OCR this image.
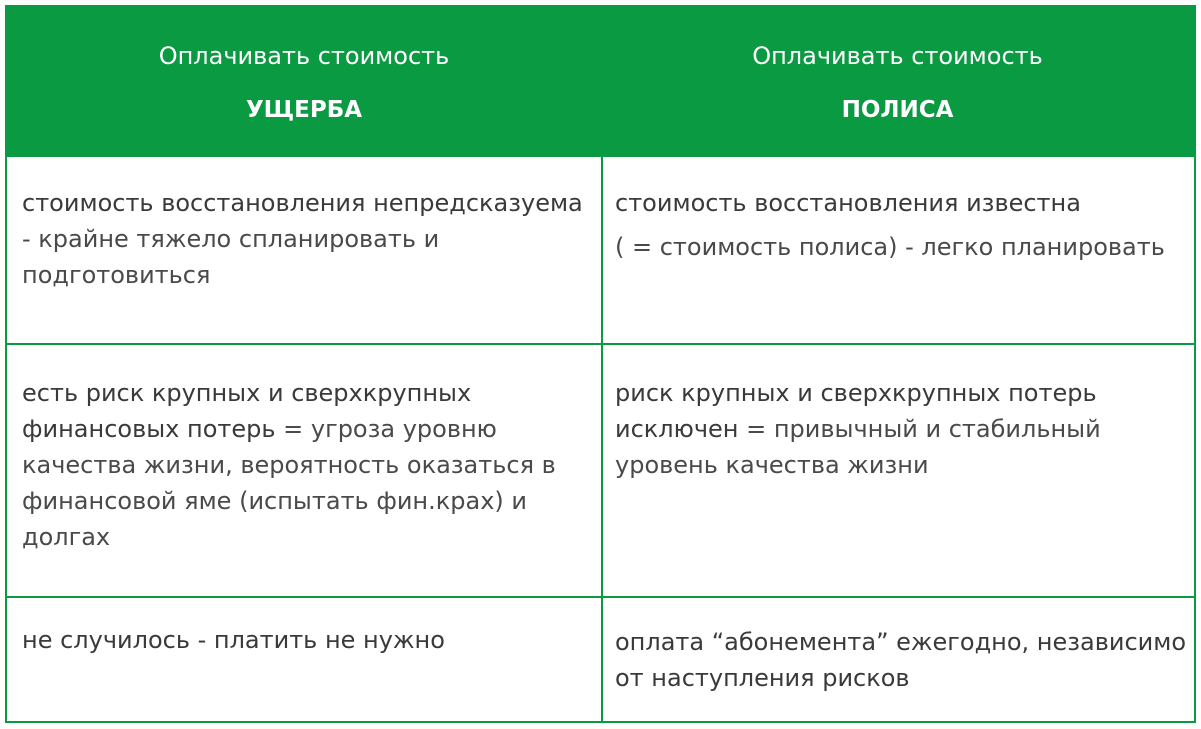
Оплачивать стоимость
УЩЕРБА
Оплачивать стоимость
ПОЛИСА

стоимость восстановления непредсказуема - крайне тяжело спланировать и подготовиться

стоимость восстановления известна

( = стоимость полиса) - легко планировать

есть риск крупных и сверхкрупных финансовых потерь = угроза уровню качества жизни, вероятность оказаться в финансовой яме (испытать фин.крах) и долгах

риск крупных и сверхкрупных потерь исключен = привычный и стабильный уровень качества жизни

не случилось - платить не нужно	оплата “абонемента” ежегодно, независимо от наступления рисков
